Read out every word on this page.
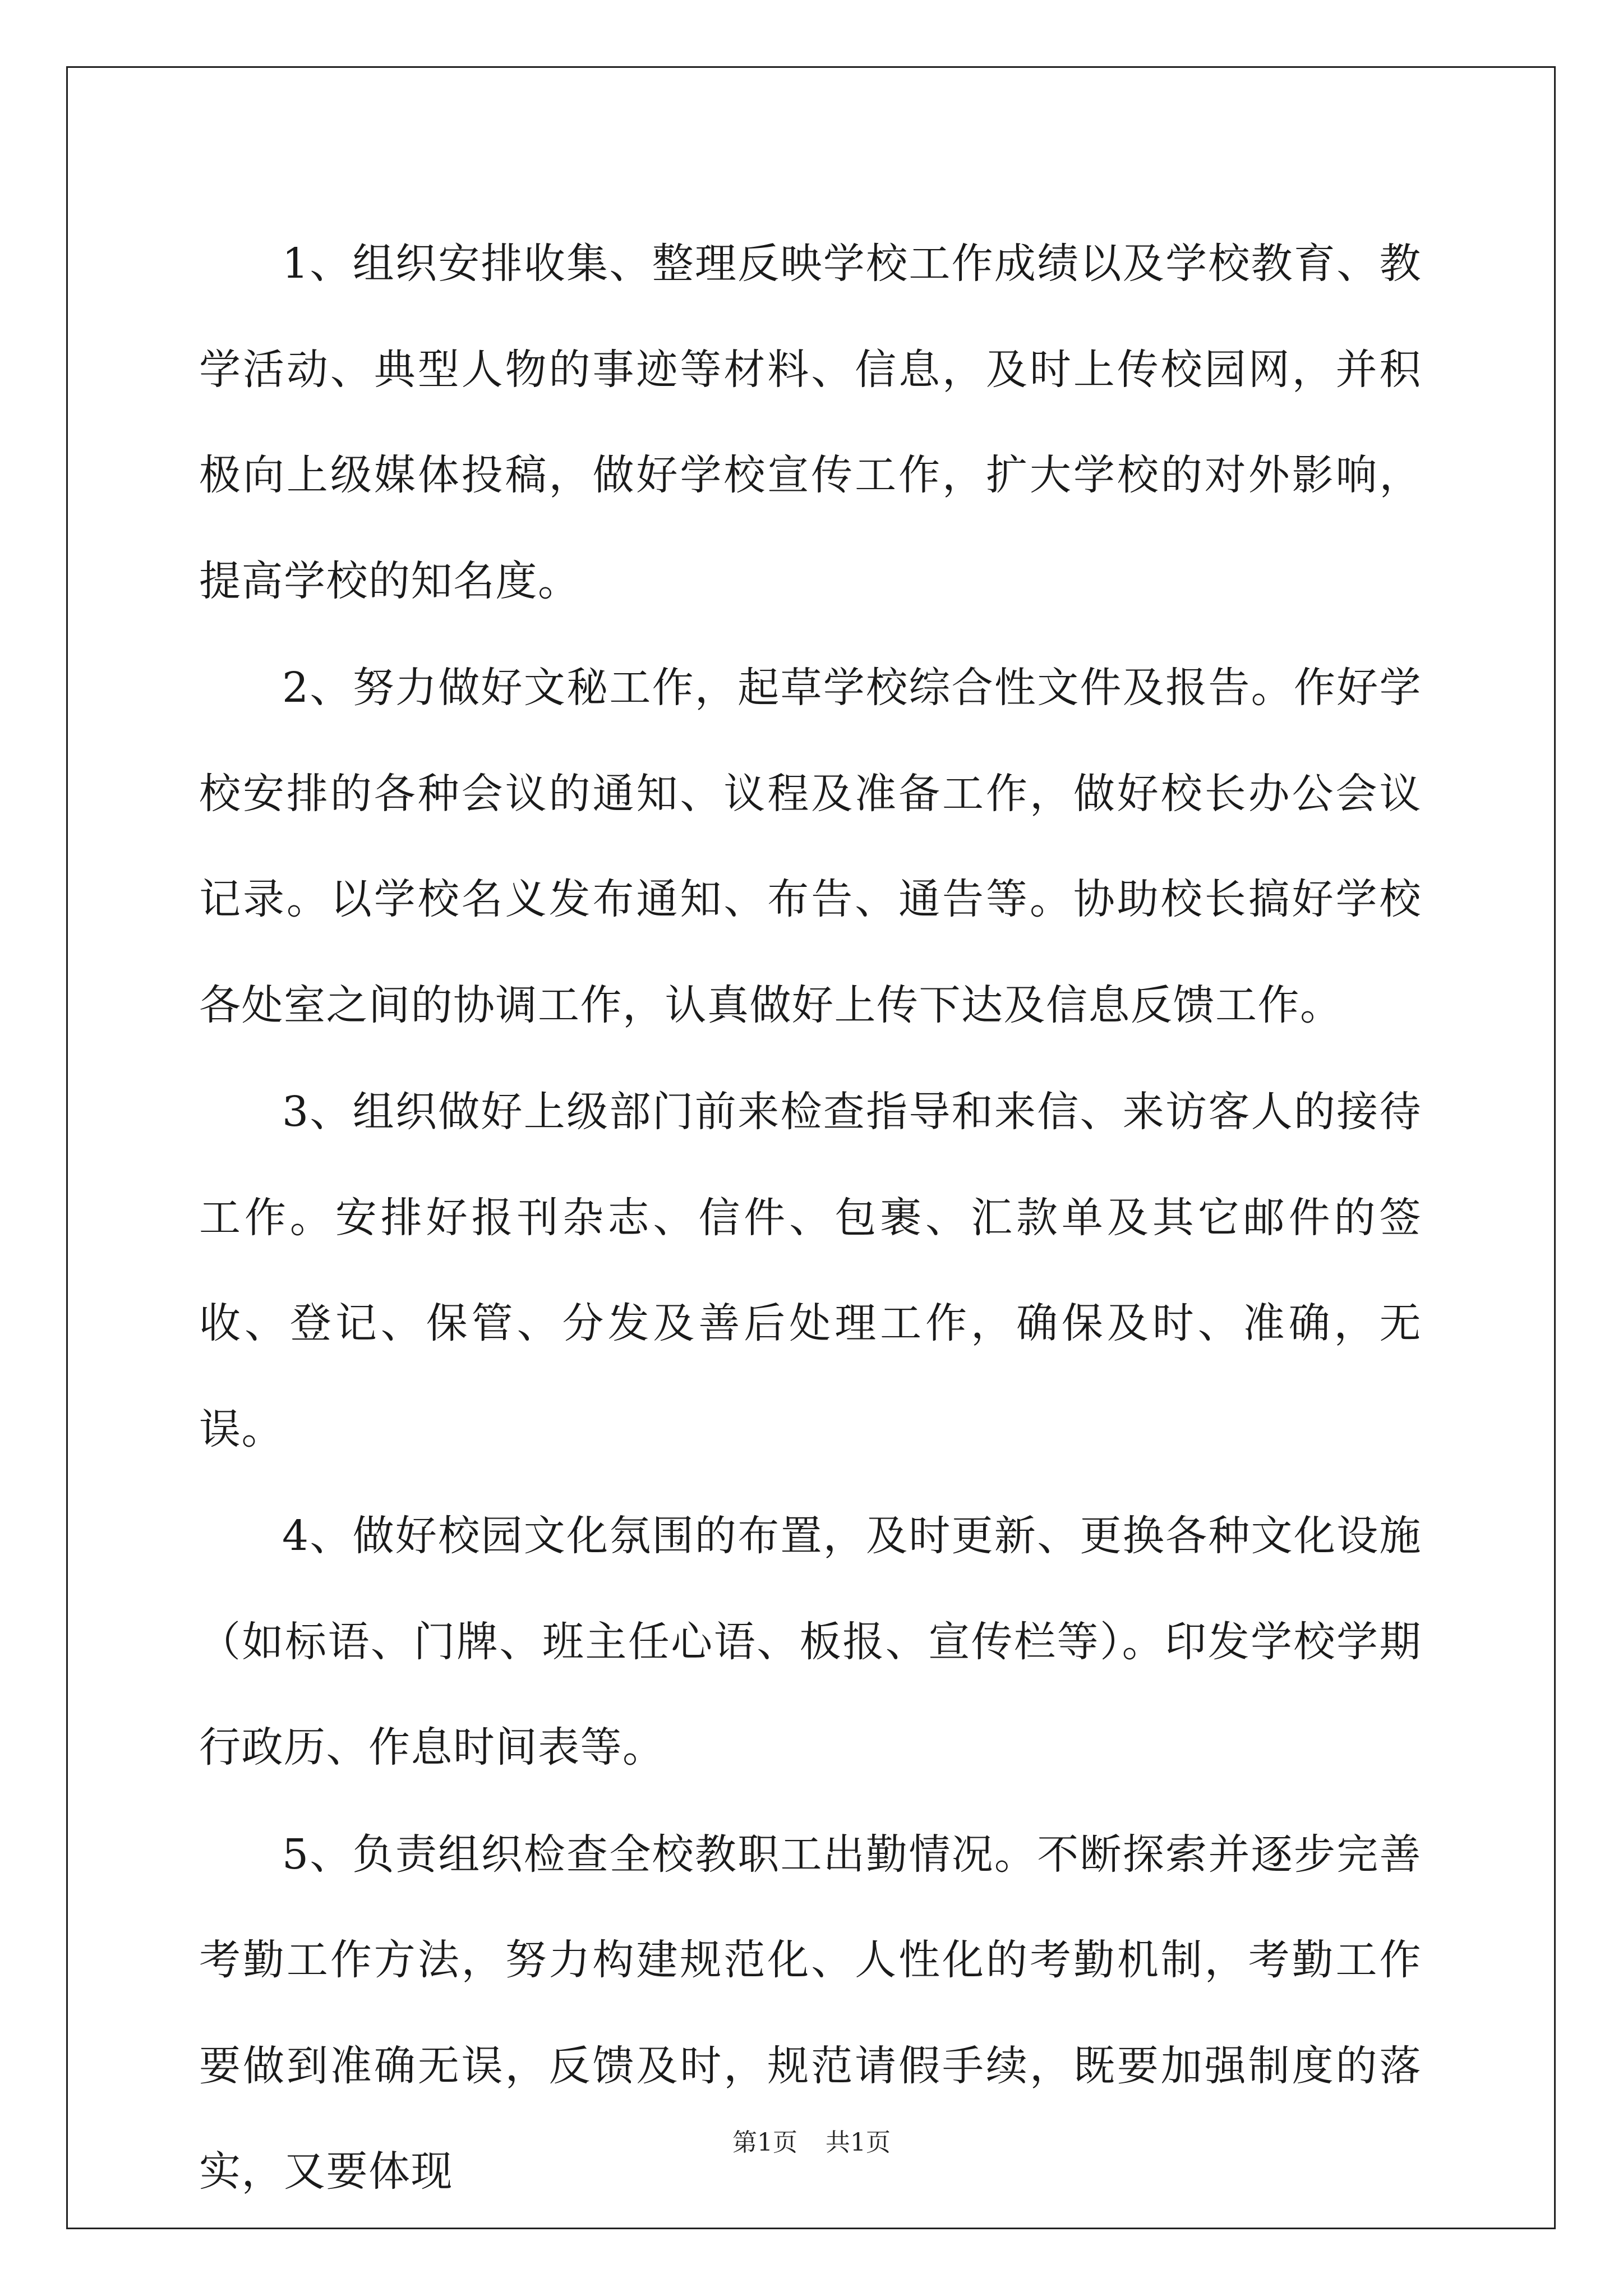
1、组织安排收集、整理反映学校工作成绩以及学校教育、教学活动、典型人物的事迹等材料、信息，及时上传校园网，并积极向上级媒体投稿，做好学校宣传工作，扩大学校的对外影响，提高学校的知名度。

2、努力做好文秘工作，起草学校综合性文件及报告。作好学校安排的各种会议的通知、议程及准备工作，做好校长办公会议记录。以学校名义发布通知、布告、通告等。协助校长搞好学校各处室之间的协调工作，认真做好上传下达及信息反馈工作。

3、组织做好上级部门前来检查指导和来信、来访客人的接待工作。安排好报刊杂志、信件、包裹、汇款单及其它邮件的签收、登记、保管、分发及善后处理工作，确保及时、准确，无误。

4、做好校园文化氛围的布置，及时更新、更换各种文化设施（如标语、门牌、班主任心语、板报、宣传栏等）。印发学校学期行政历、作息时间表等。

5、负责组织检查全校教职工出勤情况。不断探索并逐步完善考勤工作方法，努力构建规范化、人性化的考勤机制，考勤工作要做到准确无误，反馈及时，规范请假手续，既要加强制度的落实，又要体现

第1页 共1页
